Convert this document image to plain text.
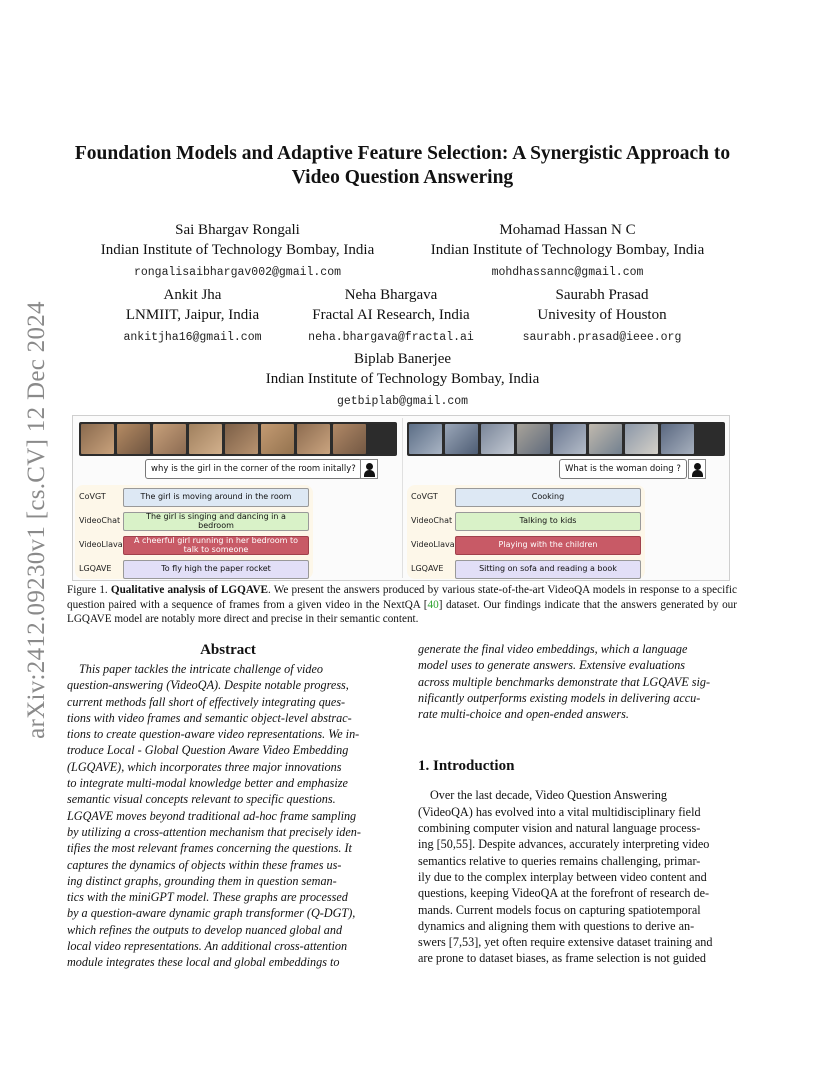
arXiv:2412.09230v1 [cs.CV] 12 Dec 2024
Foundation Models and Adaptive Feature Selection: A Synergistic Approach to
Video Question Answering
Sai Bhargav Rongali
Indian Institute of Technology Bombay, India
rongalisaibhargav002@gmail.com
Mohamad Hassan N C
Indian Institute of Technology Bombay, India
mohdhassannc@gmail.com
Ankit Jha
LNMIIT, Jaipur, India
ankitjha16@gmail.com
Neha Bhargava
Fractal AI Research, India
neha.bhargava@fractal.ai
Saurabh Prasad
Univesity of Houston
saurabh.prasad@ieee.org
Biplab Banerjee
Indian Institute of Technology Bombay, India
getbiplab@gmail.com
why is the girl in the corner of the room initally?	What is the woman doing ?
CoVGT	The girl is moving around in the room
VideoChat	The girl is singing and dancing in a bedroom
VideoLlava	A cheerful girl running in her bedroom to talk to someone
LGQAVE	To fly high the paper rocket
CoVGT	Cooking
VideoChat	Talking to kids
VideoLlava	Playing with the children
LGQAVE	Sitting on sofa and reading a book
Figure 1. Qualitative analysis of LGQAVE. We present the answers produced by various state-of-the-art VideoQA models in response to a specific question paired with a sequence of frames from a given video in the NextQA [40] dataset. Our findings indicate that the answers generated by our LGQAVE model are notably more direct and precise in their semantic content.
Abstract
This paper tackles the intricate challenge of video
question-answering (VideoQA). Despite notable progress,
current methods fall short of effectively integrating ques-
tions with video frames and semantic object-level abstrac-
tions to create question-aware video representations. We in-
troduce Local - Global Question Aware Video Embedding
(LGQAVE), which incorporates three major innovations
to integrate multi-modal knowledge better and emphasize
semantic visual concepts relevant to specific questions.
LGQAVE moves beyond traditional ad-hoc frame sampling
by utilizing a cross-attention mechanism that precisely iden-
tifies the most relevant frames concerning the questions. It
captures the dynamics of objects within these frames us-
ing distinct graphs, grounding them in question seman-
tics with the miniGPT model. These graphs are processed
by a question-aware dynamic graph transformer (Q-DGT),
which refines the outputs to develop nuanced global and
local video representations. An additional cross-attention
module integrates these local and global embeddings to
generate the final video embeddings, which a language
model uses to generate answers. Extensive evaluations
across multiple benchmarks demonstrate that LGQAVE sig-
nificantly outperforms existing models in delivering accu-
rate multi-choice and open-ended answers.
1. Introduction
Over the last decade, Video Question Answering
(VideoQA) has evolved into a vital multidisciplinary field
combining computer vision and natural language process-
ing [50,55]. Despite advances, accurately interpreting video
semantics relative to queries remains challenging, primar-
ily due to the complex interplay between video content and
questions, keeping VideoQA at the forefront of research de-
mands. Current models focus on capturing spatiotemporal
dynamics and aligning them with questions to derive an-
swers [7,53], yet often require extensive dataset training and
are prone to dataset biases, as frame selection is not guided
